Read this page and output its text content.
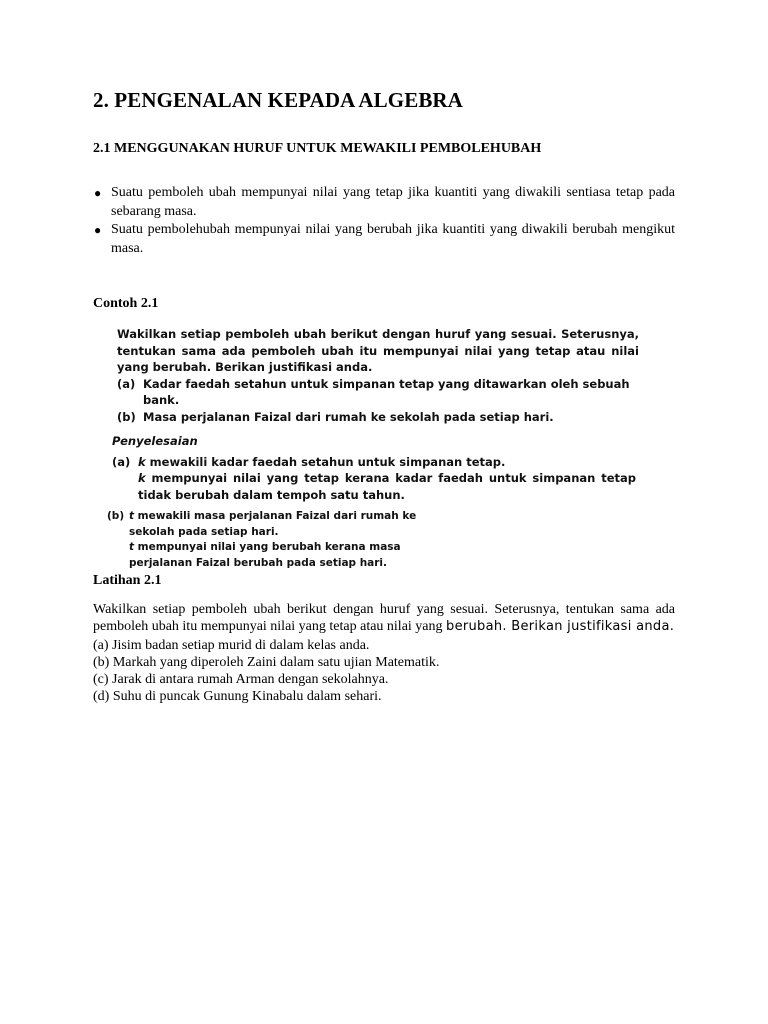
2. PENGENALAN KEPADA ALGEBRA
2.1 MENGGUNAKAN HURUF UNTUK MEWAKILI PEMBOLEHUBAH
● Suatu pemboleh ubah mempunyai nilai yang tetap jika kuantiti yang diwakili sentiasa tetap pada sebarang masa.
● Suatu pembolehubah mempunyai nilai yang berubah jika kuantiti yang diwakili berubah mengikut masa.
Contoh 2.1
Wakilkan setiap pemboleh ubah berikut dengan huruf yang sesuai. Seterusnya, tentukan sama ada pemboleh ubah itu mempunyai nilai yang tetap atau nilai yang berubah. Berikan justifikasi anda.
(a) Kadar faedah setahun untuk simpanan tetap yang ditawarkan oleh sebuah bank.
(b) Masa perjalanan Faizal dari rumah ke sekolah pada setiap hari.
Penyelesaian
(a) k mewakili kadar faedah setahun untuk simpanan tetap.
k mempunyai nilai yang tetap kerana kadar faedah untuk simpanan tetap tidak berubah dalam tempoh satu tahun.
(b) t mewakili masa perjalanan Faizal dari rumah ke sekolah pada setiap hari.
t mempunyai nilai yang berubah kerana masa perjalanan Faizal berubah pada setiap hari.
Latihan 2.1

Wakilkan setiap pemboleh ubah berikut dengan huruf yang sesuai. Seterusnya, tentukan sama ada pemboleh ubah itu mempunyai nilai yang tetap atau nilai yang berubah. Berikan justifikasi anda.

(a) Jisim badan setiap murid di dalam kelas anda.

(b) Markah yang diperoleh Zaini dalam satu ujian Matematik.

(c) Jarak di antara rumah Arman dengan sekolahnya.

(d) Suhu di puncak Gunung Kinabalu dalam sehari.
